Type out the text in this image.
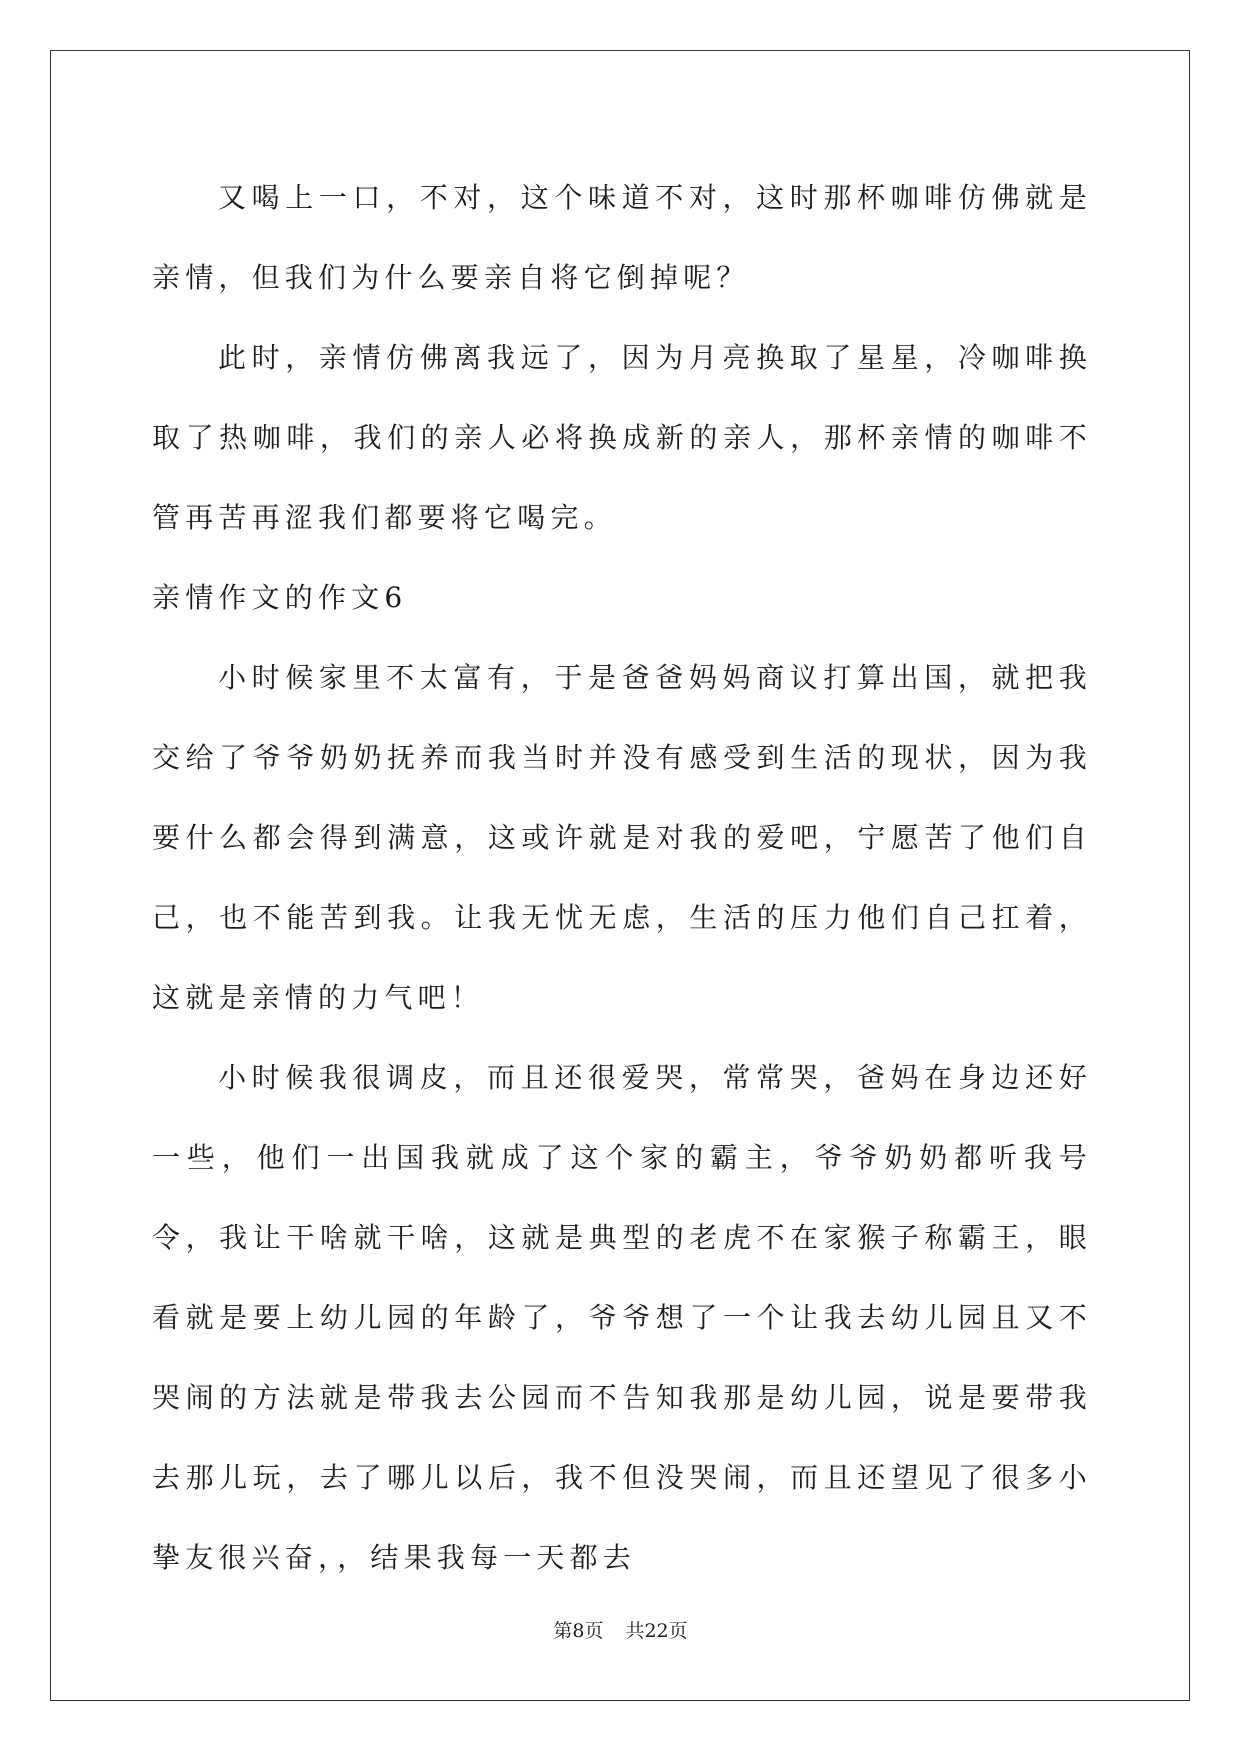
又喝上一口，不对，这个味道不对，这时那杯咖啡仿佛就是亲情，但我们为什么要亲自将它倒掉呢？

此时，亲情仿佛离我远了，因为月亮换取了星星，冷咖啡换取了热咖啡，我们的亲人必将换成新的亲人，那杯亲情的咖啡不管再苦再涩我们都要将它喝完。

亲情作文的作文6

小时候家里不太富有，于是爸爸妈妈商议打算出国，就把我交给了爷爷奶奶抚养而我当时并没有感受到生活的现状，因为我要什么都会得到满意，这或许就是对我的爱吧，宁愿苦了他们自己，也不能苦到我。让我无忧无虑，生活的压力他们自己扛着，这就是亲情的力气吧！

小时候我很调皮，而且还很爱哭，常常哭，爸妈在身边还好一些，他们一出国我就成了这个家的霸主，爷爷奶奶都听我号令，我让干啥就干啥，这就是典型的老虎不在家猴子称霸王，眼看就是要上幼儿园的年龄了，爷爷想了一个让我去幼儿园且又不哭闹的方法就是带我去公园而不告知我那是幼儿园，说是要带我去那儿玩，去了哪儿以后，我不但没哭闹，而且还望见了很多小挚友很兴奋，，结果我每一天都去

第8页 共22页
